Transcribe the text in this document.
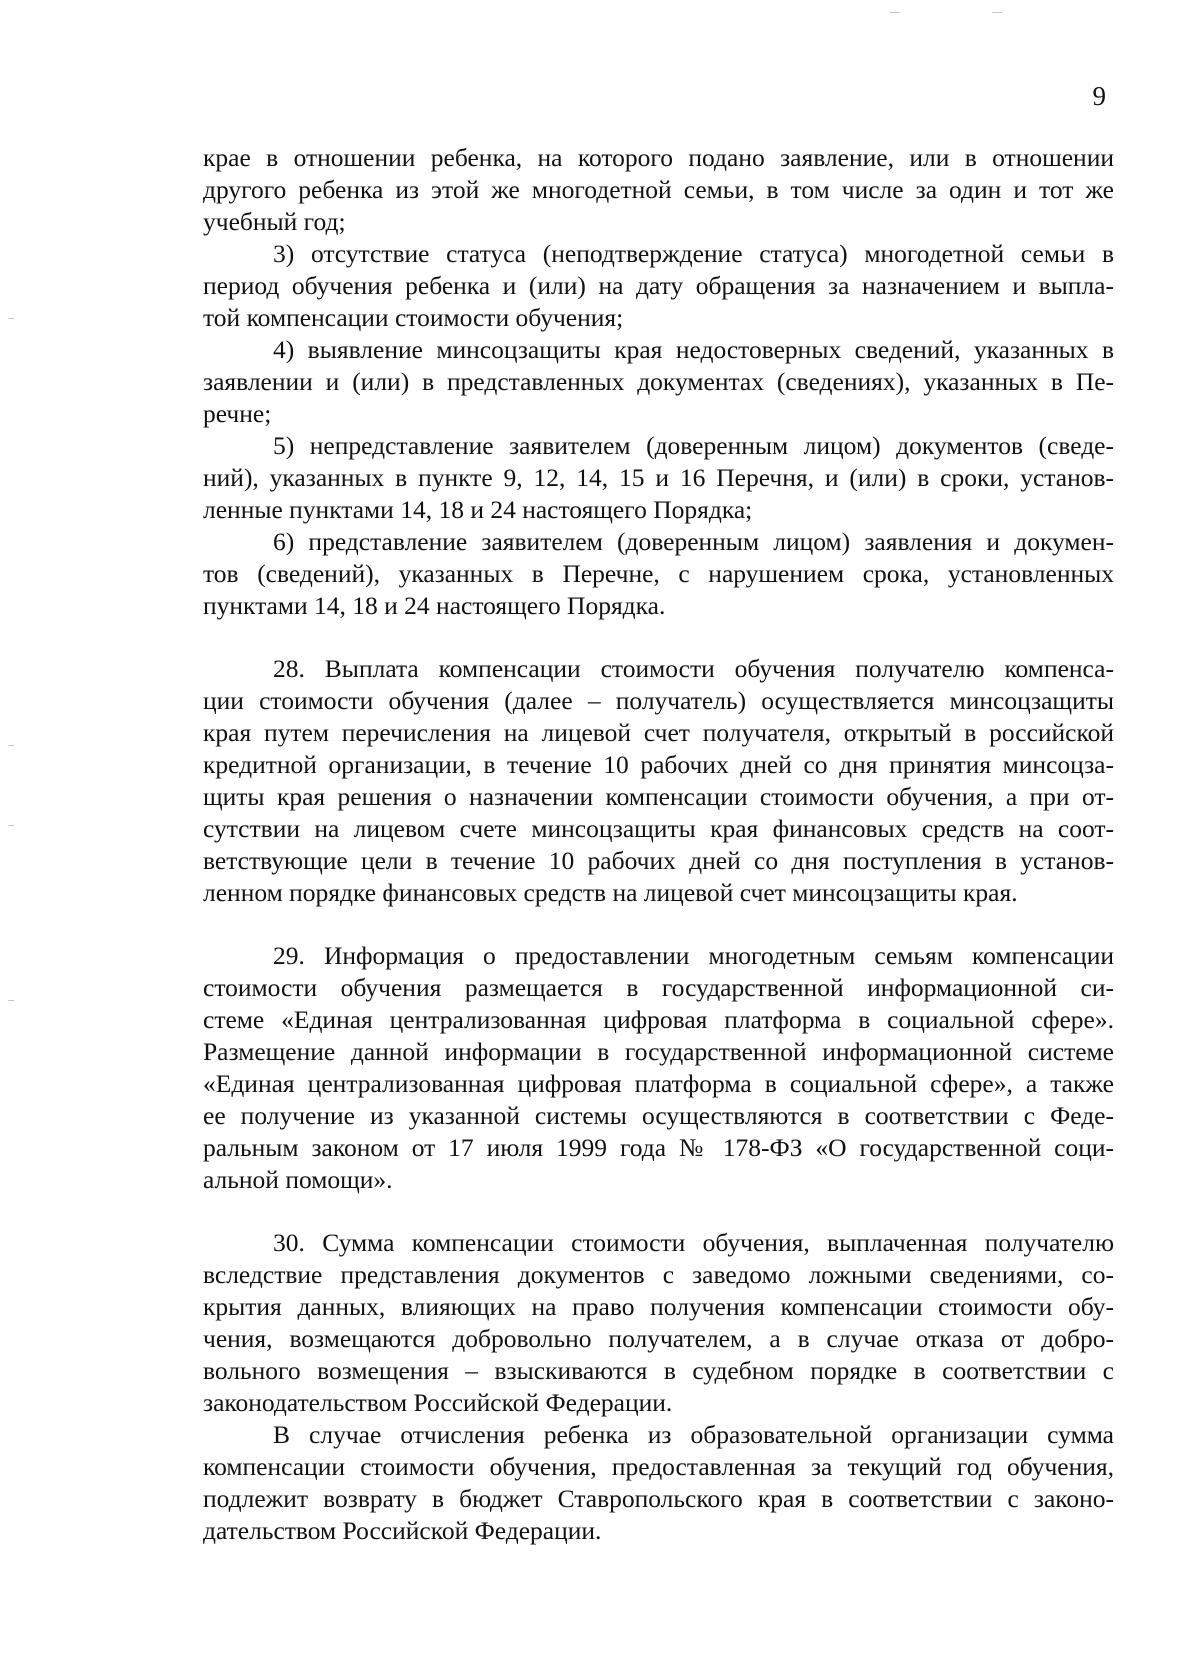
9

крае в отношении ребенка, на которого подано заявление, или в отношении
другого ребенка из этой же многодетной семьи, в том числе за один и тот же
учебный год;

3) отсутствие статуса (неподтверждение статуса) многодетной семьи в
период обучения ребенка и (или) на дату обращения за назначением и выпла-
той компенсации стоимости обучения;

4) выявление минсоцзащиты края недостоверных сведений, указанных в
заявлении и (или) в представленных документах (сведениях), указанных в Пе-
речне;

5) непредставление заявителем (доверенным лицом) документов (сведе-
ний), указанных в пункте 9, 12, 14, 15 и 16 Перечня, и (или) в сроки, установ-
ленные пунктами 14, 18 и 24 настоящего Порядка;

6) представление заявителем (доверенным лицом) заявления и докумен-
тов (сведений), указанных в Перечне, с нарушением срока, установленных
пунктами 14, 18 и 24 настоящего Порядка.

28. Выплата компенсации стоимости обучения получателю компенса-
ции стоимости обучения (далее – получатель) осуществляется минсоцзащиты
края путем перечисления на лицевой счет получателя, открытый в российской
кредитной организации, в течение 10 рабочих дней со дня принятия минсоцза-
щиты края решения о назначении компенсации стоимости обучения, а при от-
сутствии на лицевом счете минсоцзащиты края финансовых средств на соот-
ветствующие цели в течение 10 рабочих дней со дня поступления в установ-
ленном порядке финансовых средств на лицевой счет минсоцзащиты края.

29. Информация о предоставлении многодетным семьям компенсации
стоимости обучения размещается в государственной информационной си-
стеме «Единая централизованная цифровая платформа в социальной сфере».
Размещение данной информации в государственной информационной системе
«Единая централизованная цифровая платформа в социальной сфере», а также
ее получение из указанной системы осуществляются в соответствии с Феде-
ральным законом от 17 июля 1999 года № 178-ФЗ «О государственной соци-
альной помощи».

30. Сумма компенсации стоимости обучения, выплаченная получателю
вследствие представления документов с заведомо ложными сведениями, со-
крытия данных, влияющих на право получения компенсации стоимости обу-
чения, возмещаются добровольно получателем, а в случае отказа от добро-
вольного возмещения – взыскиваются в судебном порядке в соответствии с
законодательством Российской Федерации.

В случае отчисления ребенка из образовательной организации сумма
компенсации стоимости обучения, предоставленная за текущий год обучения,
подлежит возврату в бюджет Ставропольского края в соответствии с законо-
дательством Российской Федерации.
